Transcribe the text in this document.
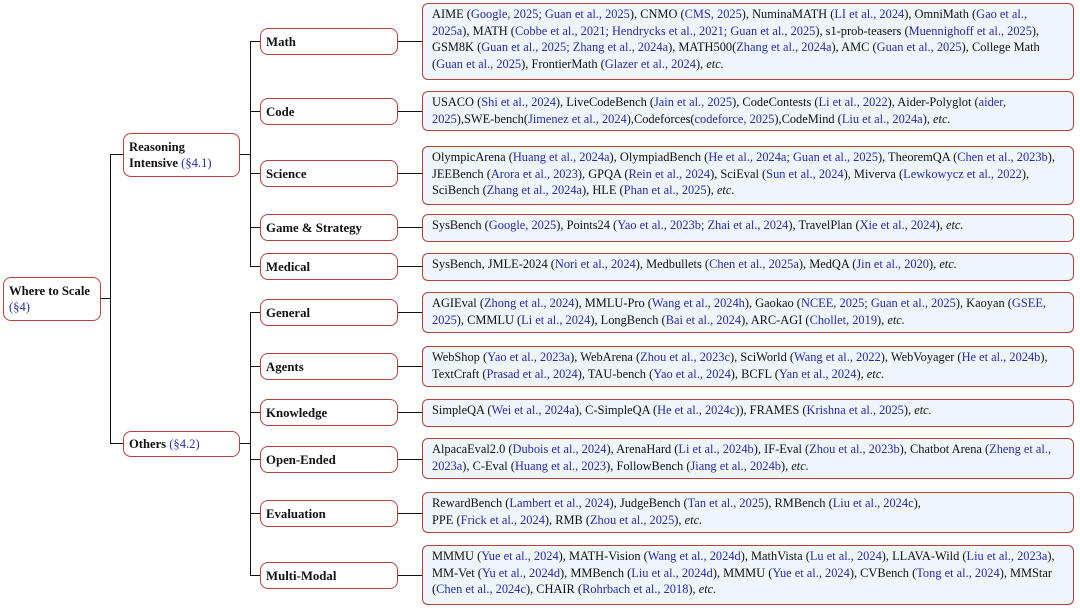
Where to Scale
(§4)
Reasoning
Intensive (§4.1)
Others (§4.2)
Math
Code
Science
Game & Strategy
Medical
General
Agents
Knowledge
Open-Ended
Evaluation
Multi-Modal
AIME (Google, 2025; Guan et al., 2025), CNMO (CMS, 2025), NuminaMATH (LI et al., 2024), OmniMath (Gao et al., 2025a), MATH (Cobbe et al., 2021; Hendrycks et al., 2021; Guan et al., 2025), s1-prob-teasers (Muennighoff et al., 2025), GSM8K (Guan et al., 2025; Zhang et al., 2024a), MATH500(Zhang et al., 2024a), AMC (Guan et al., 2025), College Math (Guan et al., 2025), FrontierMath (Glazer et al., 2024), etc.
USACO (Shi et al., 2024), LiveCodeBench (Jain et al., 2025), CodeContests (Li et al., 2022), Aider-Polyglot (aider, 2025),SWE-bench(Jimenez et al., 2024),Codeforces(codeforce, 2025),CodeMind (Liu et al., 2024a), etc.
OlympicArena (Huang et al., 2024a), OlympiadBench (He et al., 2024a; Guan et al., 2025), TheoremQA (Chen et al., 2023b), JEEBench (Arora et al., 2023), GPQA (Rein et al., 2024), SciEval (Sun et al., 2024), Miverva (Lewkowycz et al., 2022), SciBench (Zhang et al., 2024a), HLE (Phan et al., 2025), etc.
SysBench (Google, 2025), Points24 (Yao et al., 2023b; Zhai et al., 2024), TravelPlan (Xie et al., 2024), etc.
SysBench, JMLE-2024 (Nori et al., 2024), Medbullets (Chen et al., 2025a), MedQA (Jin et al., 2020), etc.
AGIEval (Zhong et al., 2024), MMLU-Pro (Wang et al., 2024h), Gaokao (NCEE, 2025; Guan et al., 2025), Kaoyan (GSEE, 2025), CMMLU (Li et al., 2024), LongBench (Bai et al., 2024), ARC-AGI (Chollet, 2019), etc.
WebShop (Yao et al., 2023a), WebArena (Zhou et al., 2023c), SciWorld (Wang et al., 2022), WebVoyager (He et al., 2024b), TextCraft (Prasad et al., 2024), TAU-bench (Yao et al., 2024), BCFL (Yan et al., 2024), etc.
SimpleQA (Wei et al., 2024a), C-SimpleQA (He et al., 2024c)), FRAMES (Krishna et al., 2025), etc.
AlpacaEval2.0 (Dubois et al., 2024), ArenaHard (Li et al., 2024b), IF-Eval (Zhou et al., 2023b), Chatbot Arena (Zheng et al., 2023a), C-Eval (Huang et al., 2023), FollowBench (Jiang et al., 2024b), etc.
RewardBench (Lambert et al., 2024), JudgeBench (Tan et al., 2025), RMBench (Liu et al., 2024c),
PPE (Frick et al., 2024), RMB (Zhou et al., 2025), etc.
MMMU (Yue et al., 2024), MATH-Vision (Wang et al., 2024d), MathVista (Lu et al., 2024), LLAVA-Wild (Liu et al., 2023a), MM-Vet (Yu et al., 2024d), MMBench (Liu et al., 2024d), MMMU (Yue et al., 2024), CVBench (Tong et al., 2024), MMStar (Chen et al., 2024c), CHAIR (Rohrbach et al., 2018), etc.
